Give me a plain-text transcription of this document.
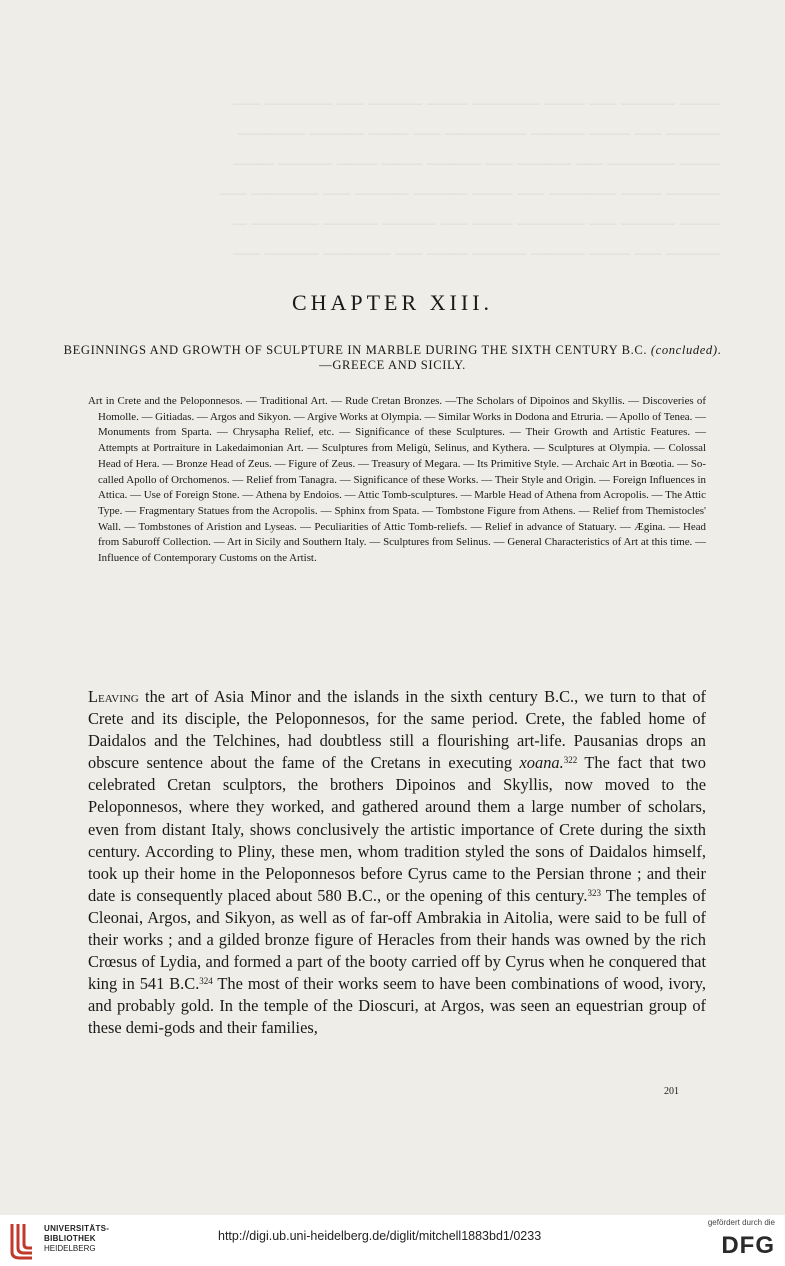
─── ──── ── ─── ───── ─── ──── ── ───── ──
──── ── ─── ──── ────── ── ─── ──── ─────
─── ───── ── ──── ── ──── ─── ─── ──── ───
──── ─── ───── ── ─── ──── ──── ── ───── ──
─── ──── ── ───── ─── ── ──── ──── ───── ─
──── ── ─── ──── ──── ─── ── ───── ──── ──
CHAPTER XIII.
BEGINNINGS AND GROWTH OF SCULPTURE IN MARBLE DURING THE SIXTH CENTURY B.C. (concluded).—GREECE AND SICILY.
Art in Crete and the Peloponnesos. — Traditional Art. — Rude Cretan Bronzes. —The Scholars of Dipoinos and Skyllis. — Discoveries of Homolle. — Gitiadas. — Argos and Sikyon. — Argive Works at Olympia. — Similar Works in Dodona and Etruria. — Apollo of Tenea. — Monuments from Sparta. — Chrysapha Relief, etc. — Significance of these Sculptures. — Their Growth and Artistic Features. — Attempts at Portraiture in Lakedaimonian Art. — Sculptures from Meligù, Selinus, and Kythera. — Sculptures at Olympia. — Colossal Head of Hera. — Bronze Head of Zeus. — Figure of Zeus. — Treasury of Megara. — Its Primitive Style. — Archaic Art in Bœotia. — So-called Apollo of Orchomenos. — Relief from Tanagra. — Significance of these Works. — Their Style and Origin. — Foreign Influences in Attica. — Use of Foreign Stone. — Athena by Endoios. — Attic Tomb-sculptures. — Marble Head of Athena from Acropolis. — The Attic Type. — Fragmentary Statues from the Acropolis. — Sphinx from Spata. — Tombstone Figure from Athens. — Relief from Themistocles' Wall. — Tombstones of Aristion and Lyseas. — Peculiarities of Attic Tomb-reliefs. — Relief in advance of Statuary. — Ægina. — Head from Saburoff Collection. — Art in Sicily and Southern Italy. — Sculptures from Selinus. — General Characteristics of Art at this time. — Influence of Contemporary Customs on the Artist.
Leaving the art of Asia Minor and the islands in the sixth century B.C., we turn to that of Crete and its disciple, the Peloponnesos, for the same period. Crete, the fabled home of Daidalos and the Telchines, had doubtless still a flourishing art-life. Pausanias drops an obscure sentence about the fame of the Cretans in executing xoana.$^{322}$ The fact that two celebrated Cretan sculptors, the brothers Dipoinos and Skyllis, now moved to the Peloponnesos, where they worked, and gathered around them a large number of scholars, even from distant Italy, shows conclusively the artistic importance of Crete during the sixth century. According to Pliny, these men, whom tradition styled the sons of Daidalos himself, took up their home in the Peloponnesos before Cyrus came to the Persian throne ; and their date is consequently placed about 580 B.C., or the opening of this century.$^{323}$ The temples of Cleonai, Argos, and Sikyon, as well as of far-off Ambrakia in Aitolia, were said to be full of their works ; and a gilded bronze figure of Heracles from their hands was owned by the rich Crœsus of Lydia, and formed a part of the booty carried off by Cyrus when he conquered that king in 541 B.C.$^{324}$ The most of their works seem to have been combinations of wood, ivory, and probably gold. In the temple of the Dioscuri, at Argos, was seen an equestrian group of these demi-gods and their families,
201
UNIVERSITÄTS-
BIBLIOTHEK
HEIDELBERG
http://digi.ub.uni-heidelberg.de/diglit/mitchell1883bd1/0233
gefördert durch die
DFG
